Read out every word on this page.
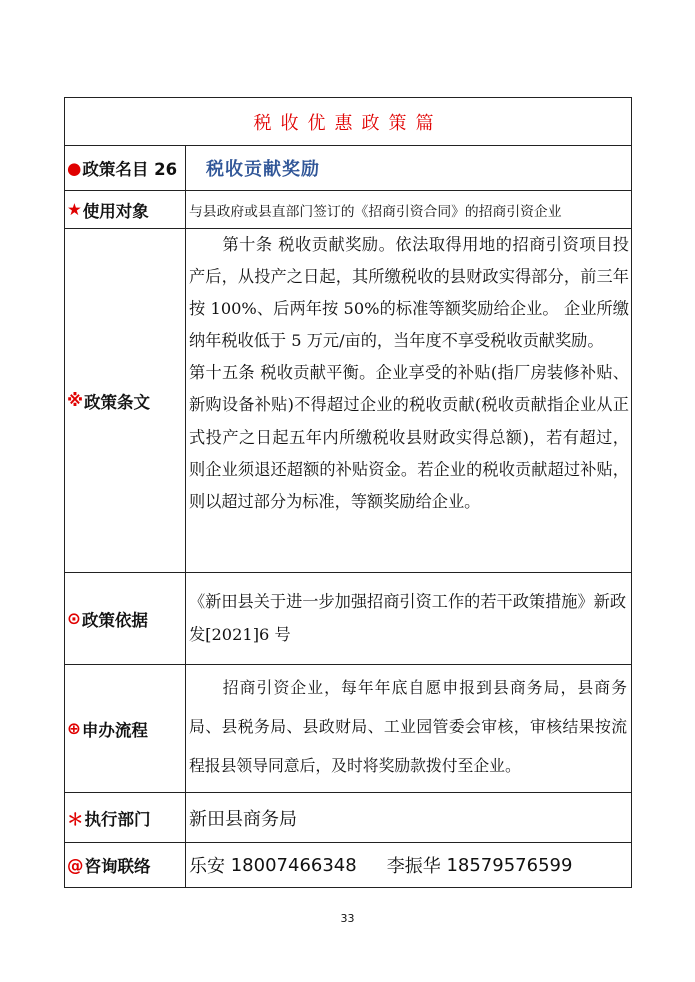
税收优惠政策篇
● 政策名目 26 税收贡献奖励
★ 使用对象	与县政府或县直部门签订的《招商引资合同》的招商引资企业
※ 政策条文

　　第十条 税收贡献奖励。依法取得用地的招商引资项目投产后，从投产之日起，其所缴税收的县财政实得部分，前三年按 100%、后两年按 50%的标准等额奖励给企业。 企业所缴纳年税收低于 5 万元/亩的，当年度不享受税收贡献奖励。

第十五条 税收贡献平衡。企业享受的补贴(指厂房装修补贴、新购设备补贴)不得超过企业的税收贡献(税收贡献指企业从正式投产之日起五年内所缴税收县财政实得总额)，若有超过，则企业须退还超额的补贴资金。若企业的税收贡献超过补贴，则以超过部分为标准，等额奖励给企业。

⊙ 政策依据

《新田县关于进一步加强招商引资工作的若干政策措施》新政发[2021]6 号

⊕ 申办流程

　　招商引资企业，每年年底自愿申报到县商务局，县商务局、县税务局、县政财局、工业园管委会审核，审核结果按流程报县领导同意后，及时将奖励款拨付至企业。

＊ 执行部门 新田县商务局
@ 咨询联络 乐安
18007466348 李振华
18579576599
33
